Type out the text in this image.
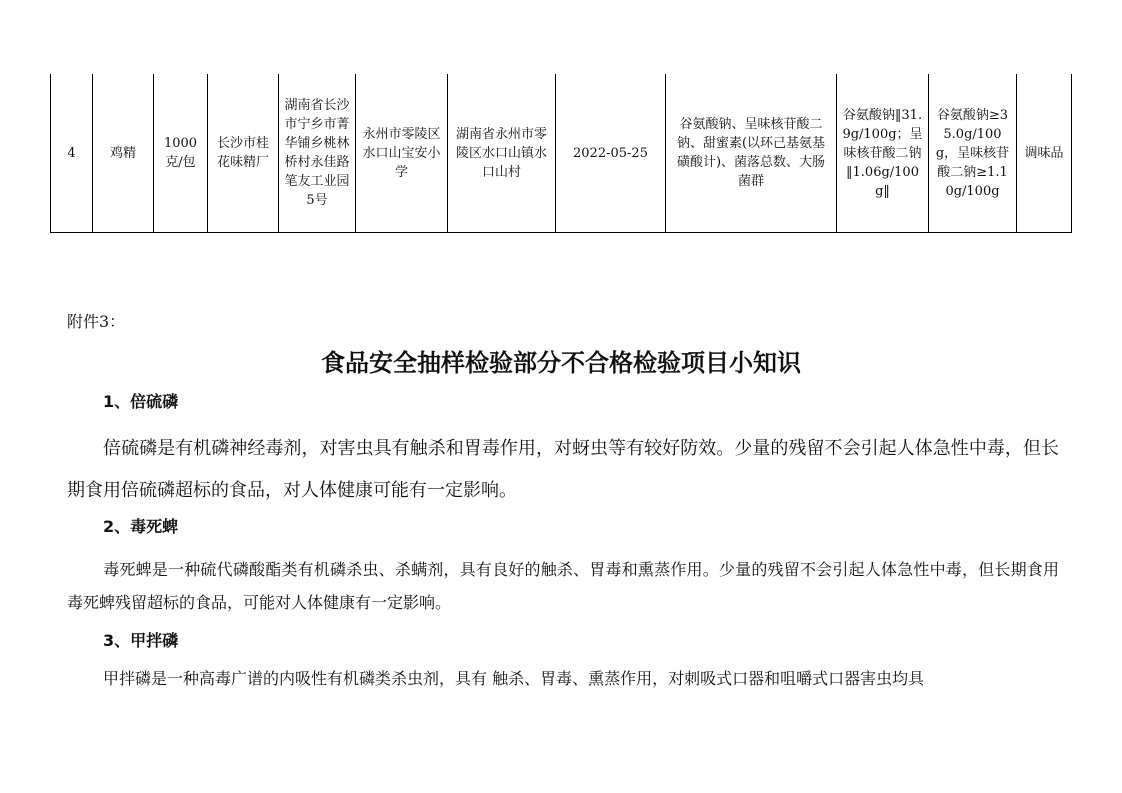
4	鸡精	1000克/包	长沙市桂花味精厂	湖南省长沙市宁乡市菁华铺乡桃林桥村永佳路笔友工业园5号	永州市零陵区水口山宝安小学	湖南省永州市零陵区水口山镇水口山村	2022-05-25	谷氨酸钠、呈味核苷酸二钠、甜蜜素(以环己基氨基磺酸计)、菌落总数、大肠菌群	谷氨酸钠‖31.9g/100g；呈味核苷酸二钠‖1.06g/100g‖	谷氨酸钠≥35.0g/100g，呈味核苷酸二钠≥1.10g/100g	调味品
附件3：
食品安全抽样检验部分不合格检验项目小知识
1、倍硫磷
倍硫磷是有机磷神经毒剂，对害虫具有触杀和胃毒作用，对蚜虫等有较好防效。少量的残留不会引起人体急性中毒，但长期食用倍硫磷超标的食品，对人体健康可能有一定影响。
2、毒死蜱
毒死蜱是一种硫代磷酸酯类有机磷杀虫、杀螨剂，具有良好的触杀、胃毒和熏蒸作用。少量的残留不会引起人体急性中毒，但长期食用毒死蜱残留超标的食品，可能对人体健康有一定影响。
3、甲拌磷
甲拌磷是一种高毒广谱的内吸性有机磷类杀虫剂，具有 触杀、胃毒、熏蒸作用，对刺吸式口器和咀嚼式口器害虫均具
